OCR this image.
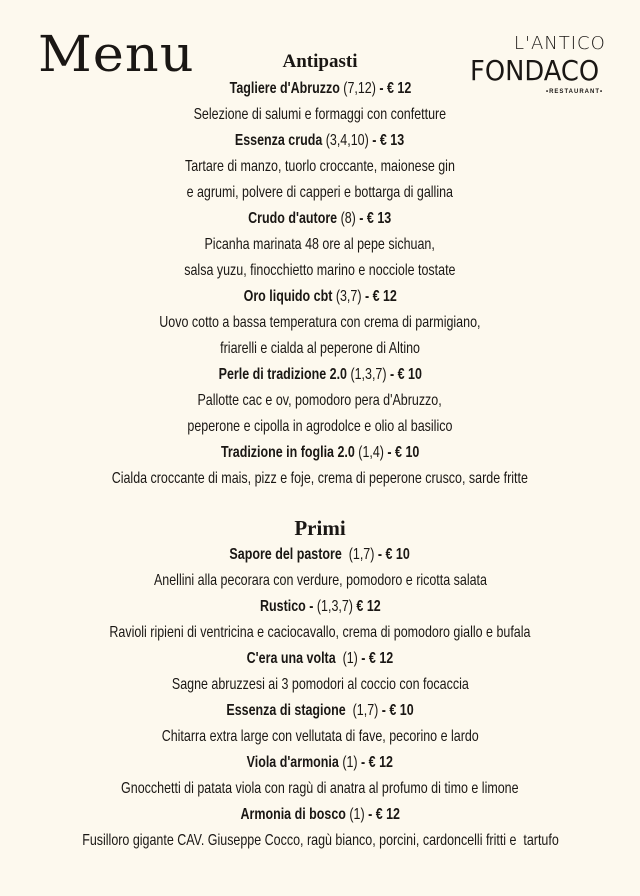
Menu	L'ANTICO
FONDACO
•RESTAURANT•
Antipasti
Tagliere d'Abruzzo (7,12) - € 12
Selezione di salumi e formaggi con confetture
Essenza cruda (3,4,10) - € 13
Tartare di manzo, tuorlo croccante, maionese gin
e agrumi, polvere di capperi e bottarga di gallina
Crudo d'autore (8) - € 13
Picanha marinata 48 ore al pepe sichuan,
salsa yuzu, finocchietto marino e nocciole tostate
Oro liquido cbt (3,7) - € 12
Uovo cotto a bassa temperatura con crema di parmigiano,
friarelli e cialda al peperone di Altino
Perle di tradizione 2.0 (1,3,7) - € 10
Pallotte cac e ov, pomodoro pera d'Abruzzo,
peperone e cipolla in agrodolce e olio al basilico
Tradizione in foglia 2.0 (1,4) - € 10
Cialda croccante di mais, pizz e foje, crema di peperone crusco, sarde fritte
Primi
Sapore del pastore  (1,7) - € 10
Anellini alla pecorara con verdure, pomodoro e ricotta salata
Rustico - (1,3,7) € 12
Ravioli ripieni di ventricina e caciocavallo, crema di pomodoro giallo e bufala
C'era una volta  (1) - € 12
Sagne abruzzesi ai 3 pomodori al coccio con focaccia
Essenza di stagione  (1,7) - € 10
Chitarra extra large con vellutata di fave, pecorino e lardo
Viola d'armonia (1) - € 12
Gnocchetti di patata viola con ragù di anatra al profumo di timo e limone
Armonia di bosco (1) - € 12
Fusilloro gigante CAV. Giuseppe Cocco, ragù bianco, porcini, cardoncelli fritti e  tartufo
